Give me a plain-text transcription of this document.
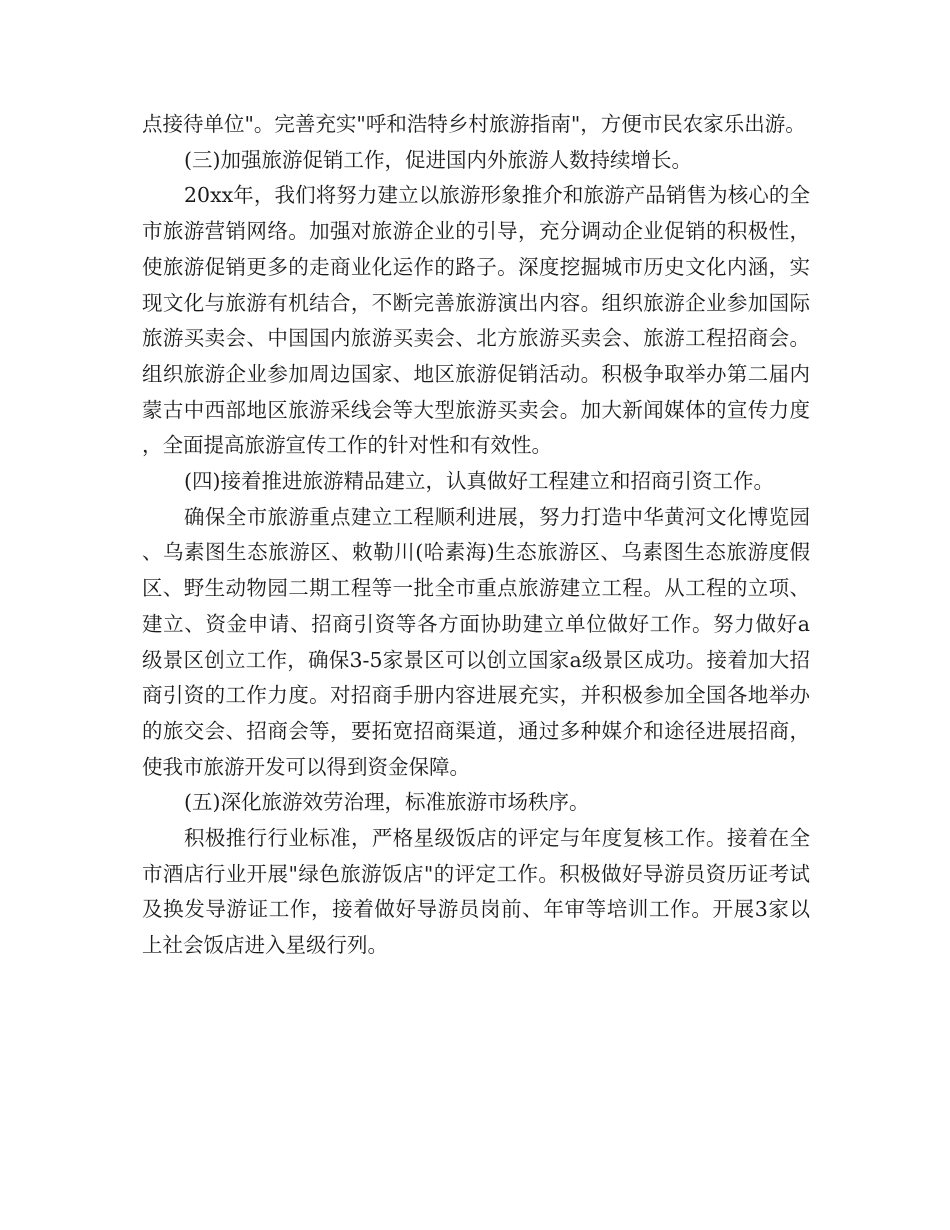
点接待单位"。完善充实"呼和浩特乡村旅游指南"，方便市民农家乐出游。

(三)加强旅游促销工作，促进国内外旅游人数持续增长。

20xx年，我们将努力建立以旅游形象推介和旅游产品销售为核心的全市旅游营销网络。加强对旅游企业的引导，充分调动企业促销的积极性，使旅游促销更多的走商业化运作的路子。深度挖掘城市历史文化内涵，实现文化与旅游有机结合，不断完善旅游演出内容。组织旅游企业参加国际旅游买卖会、中国国内旅游买卖会、北方旅游买卖会、旅游工程招商会。组织旅游企业参加周边国家、地区旅游促销活动。积极争取举办第二届内蒙古中西部地区旅游采线会等大型旅游买卖会。加大新闻媒体的宣传力度，全面提高旅游宣传工作的针对性和有效性。

(四)接着推进旅游精品建立，认真做好工程建立和招商引资工作。

确保全市旅游重点建立工程顺利进展，努力打造中华黄河文化博览园、乌素图生态旅游区、敕勒川(哈素海)生态旅游区、乌素图生态旅游度假区、野生动物园二期工程等一批全市重点旅游建立工程。从工程的立项、建立、资金申请、招商引资等各方面协助建立单位做好工作。努力做好a级景区创立工作，确保3-5家景区可以创立国家a级景区成功。接着加大招商引资的工作力度。对招商手册内容进展充实，并积极参加全国各地举办的旅交会、招商会等，要拓宽招商渠道，通过多种媒介和途径进展招商，使我市旅游开发可以得到资金保障。

(五)深化旅游效劳治理，标准旅游市场秩序。

积极推行行业标准，严格星级饭店的评定与年度复核工作。接着在全市酒店行业开展"绿色旅游饭店"的评定工作。积极做好导游员资历证考试及换发导游证工作，接着做好导游员岗前、年审等培训工作。开展3家以上社会饭店进入星级行列。
